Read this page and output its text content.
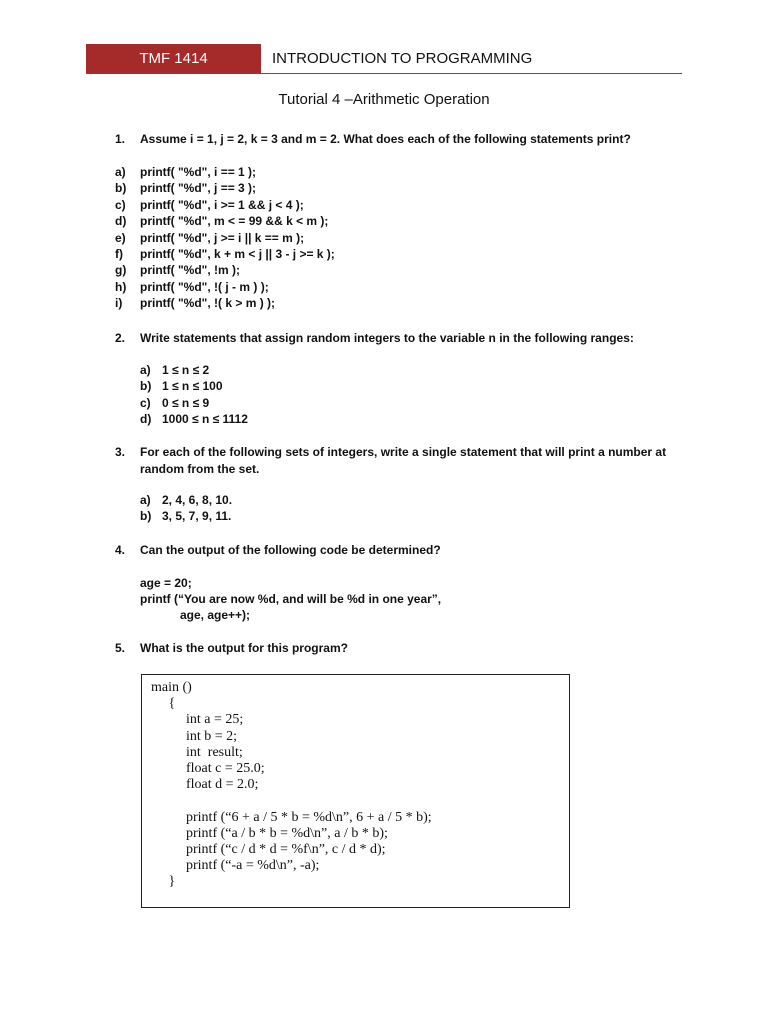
TMF 1414	INTRODUCTION TO PROGRAMMING
Tutorial 4 –Arithmetic Operation
1. Assume i = 1, j = 2, k = 3 and m = 2. What does each of the following statements print?
a) printf( "%d", i == 1 );
b) printf( "%d", j == 3 );
c) printf( "%d", i >= 1 && j < 4 );
d) printf( "%d", m < = 99 && k < m );
e) printf( "%d", j >= i || k == m );
f) printf( "%d", k + m < j || 3 - j >= k );
g) printf( "%d", !m );
h) printf( "%d", !( j - m ) );
i) printf( "%d", !( k > m ) );
2. Write statements that assign random integers to the variable n in the following ranges:
a) 1 ≤ n ≤ 2
b) 1 ≤ n ≤ 100
c) 0 ≤ n ≤ 9
d) 1000 ≤ n ≤ 1112
3. For each of the following sets of integers, write a single statement that will print a number at random from the set.
a) 2, 4, 6, 8, 10.
b) 3, 5, 7, 9, 11.
4. Can the output of the following code be determined?
age = 20;
printf (“You are now %d, and will be %d in one year”,
age, age++);
5. What is the output for this program?
main ()
{
int a = 25;
int b = 2;
int  result;
float c = 25.0;
float d = 2.0;
printf (“6 + a / 5 * b = %d\n”, 6 + a / 5 * b);
printf (“a / b * b = %d\n”, a / b * b);
printf (“c / d * d = %f\n”, c / d * d);
printf (“-a = %d\n”, -a);
}
